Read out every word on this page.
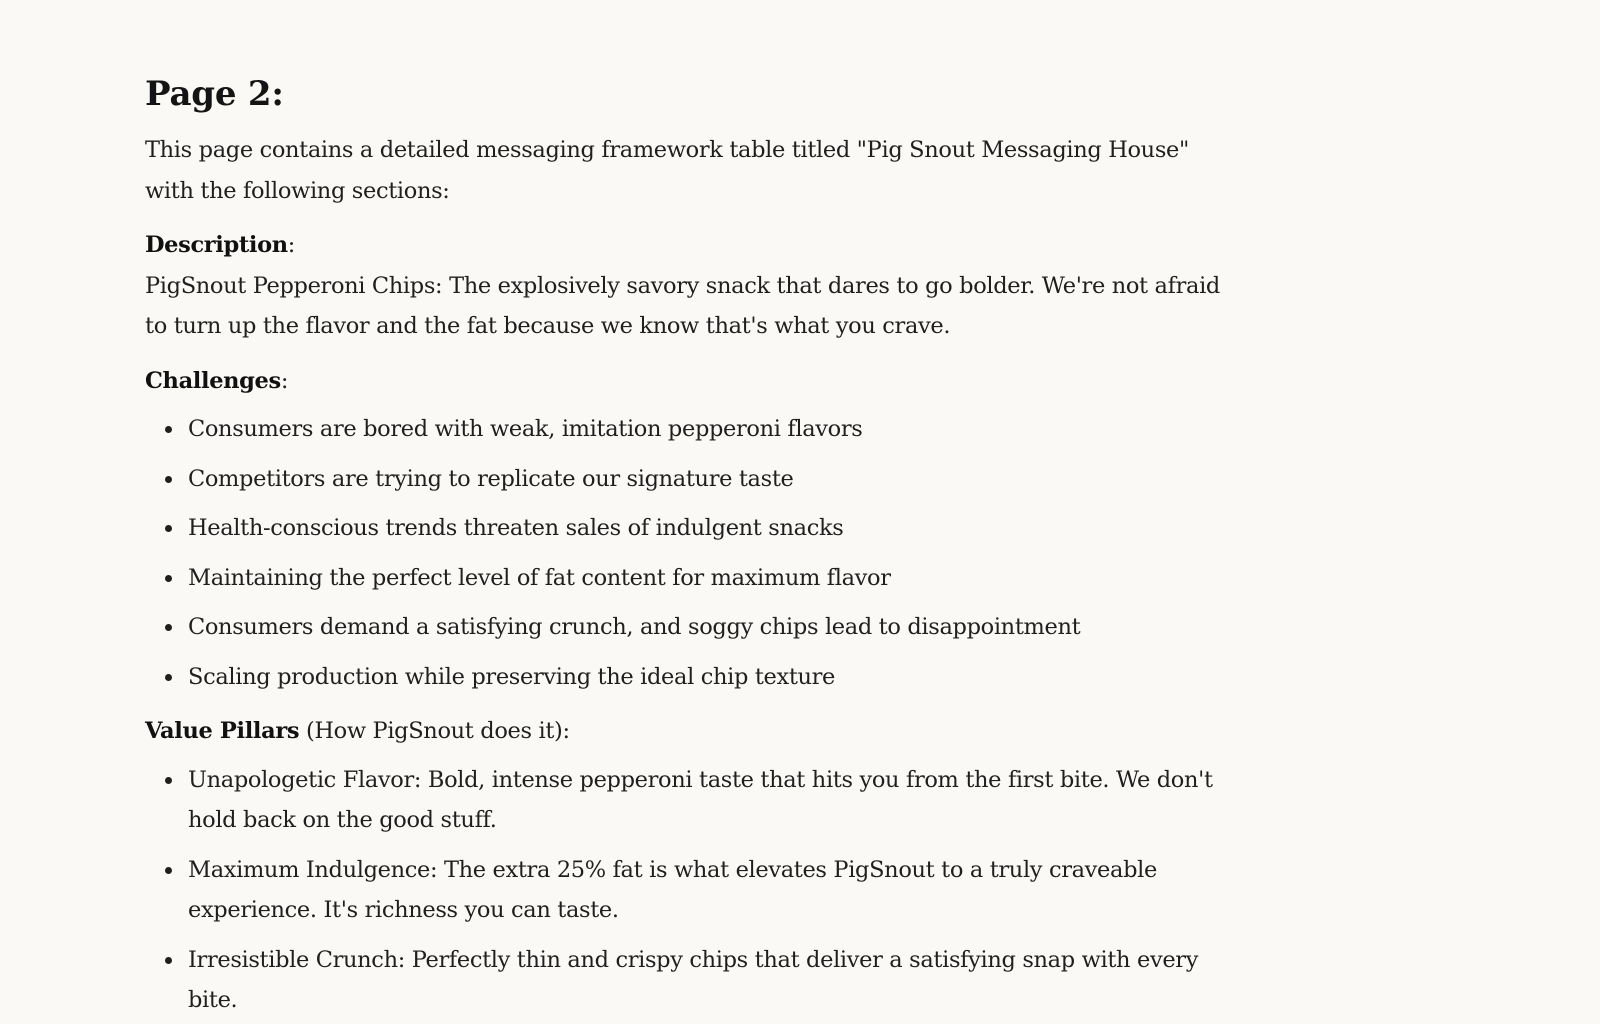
Page 2:

This page contains a detailed messaging framework table titled "Pig Snout Messaging House" with the following sections:

Description:

PigSnout Pepperoni Chips: The explosively savory snack that dares to go bolder. We're not afraid to turn up the flavor and the fat because we know that's what you crave.

Challenges:
Consumers are bored with weak, imitation pepperoni flavors
Competitors are trying to replicate our signature taste
Health-conscious trends threaten sales of indulgent snacks
Maintaining the perfect level of fat content for maximum flavor
Consumers demand a satisfying crunch, and soggy chips lead to disappointment
Scaling production while preserving the ideal chip texture
Value Pillars (How PigSnout does it):
Unapologetic Flavor: Bold, intense pepperoni taste that hits you from the first bite. We don't hold back on the good stuff.
Maximum Indulgence: The extra 25% fat is what elevates PigSnout to a truly craveable experience. It's richness you can taste.
Irresistible Crunch: Perfectly thin and crispy chips that deliver a satisfying snap with every bite.
